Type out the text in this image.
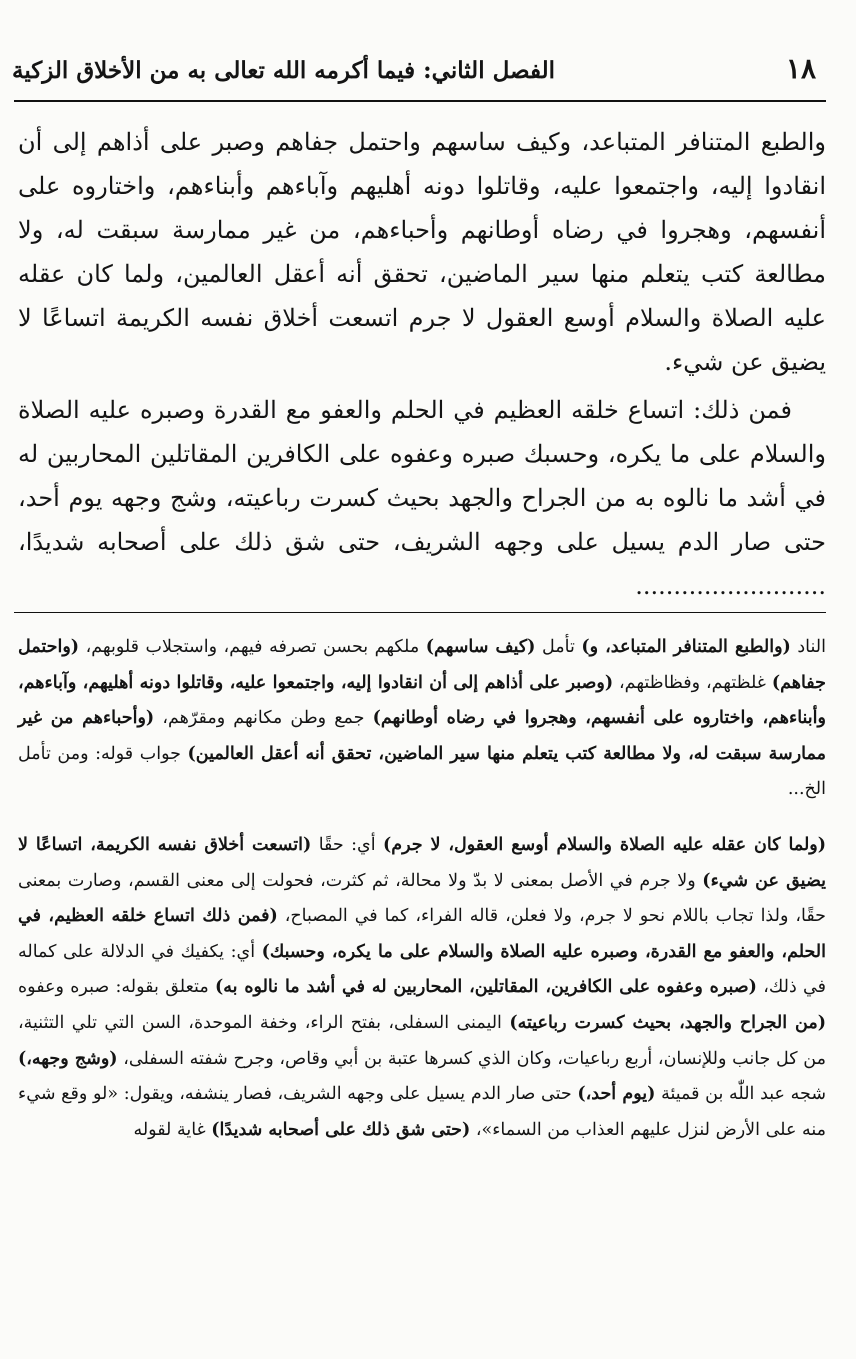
١٨
الفصل الثاني: فيما أكرمه الله تعالى به من الأخلاق الزكية

والطبع المتنافر المتباعد، وكيف ساسهم واحتمل جفاهم وصبر على أذاهم إلى أن انقادوا إليه، واجتمعوا عليه، وقاتلوا دونه أهليهم وآباءهم وأبناءهم، واختاروه على أنفسهم، وهجروا في رضاه أوطانهم وأحباءهم، من غير ممارسة سبقت له، ولا مطالعة كتب يتعلم منها سير الماضين، تحقق أنه أعقل العالمين، ولما كان عقله عليه الصلاة والسلام أوسع العقول لا جرم اتسعت أخلاق نفسه الكريمة اتساعًا لا يضيق عن شيء.

فمن ذلك: اتساع خلقه العظيم في الحلم والعفو مع القدرة وصبره عليه الصلاة والسلام على ما يكره، وحسبك صبره وعفوه على الكافرين المقاتلين المحاربين له في أشد ما نالوه به من الجراح والجهد بحيث كسرت رباعيته، وشج وجهه يوم أحد، حتى صار الدم يسيل على وجهه الشريف، حتى شق ذلك على أصحابه شديدًا، .........................

الناد (والطبع المتنافر المتباعد، و) تأمل (كيف ساسهم) ملكهم بحسن تصرفه فيهم، واستجلاب قلوبهم، (واحتمل جفاهم) غلظتهم، وفظاظتهم، (وصبر على أذاهم إلى أن انقادوا إليه، واجتمعوا عليه، وقاتلوا دونه أهليهم، وآباءهم، وأبناءهم، واختاروه على أنفسهم، وهجروا في رضاه أوطانهم) جمع وطن مكانهم ومقرّهم، (وأحباءهم من غير ممارسة سبقت له، ولا مطالعة كتب يتعلم منها سير الماضين، تحقق أنه أعقل العالمين) جواب قوله: ومن تأمل الخ...

(ولما كان عقله عليه الصلاة والسلام أوسع العقول، لا جرم) أي: حقًا (اتسعت أخلاق نفسه الكريمة، اتساعًا لا يضيق عن شيء) ولا جرم في الأصل بمعنى لا بدّ ولا محالة، ثم كثرت، فحولت إلى معنى القسم، وصارت بمعنى حقًا، ولذا تجاب باللام نحو لا جرم، ولا فعلن، قاله الفراء، كما في المصباح، (فمن ذلك اتساع خلقه العظيم، في الحلم، والعفو مع القدرة، وصبره عليه الصلاة والسلام على ما يكره، وحسبك) أي: يكفيك في الدلالة على كماله في ذلك، (صبره وعفوه على الكافرين، المقاتلين، المحاربين له في أشد ما نالوه به) متعلق بقوله: صبره وعفوه (من الجراح والجهد، بحيث كسرت رباعيته) اليمنى السفلى، بفتح الراء، وخفة الموحدة، السن التي تلي التثنية، من كل جانب وللإنسان، أربع رباعيات، وكان الذي كسرها عتبة بن أبي وقاص، وجرح شفته السفلى، (وشج وجهه،) شجه عبد اللّٰه بن قميئة (يوم أحد،) حتى صار الدم يسيل على وجهه الشريف، فصار ينشفه، ويقول: «لو وقع شيء منه على الأرض لنزل عليهم العذاب من السماء»، (حتى شق ذلك على أصحابه شديدًا) غاية لقوله
